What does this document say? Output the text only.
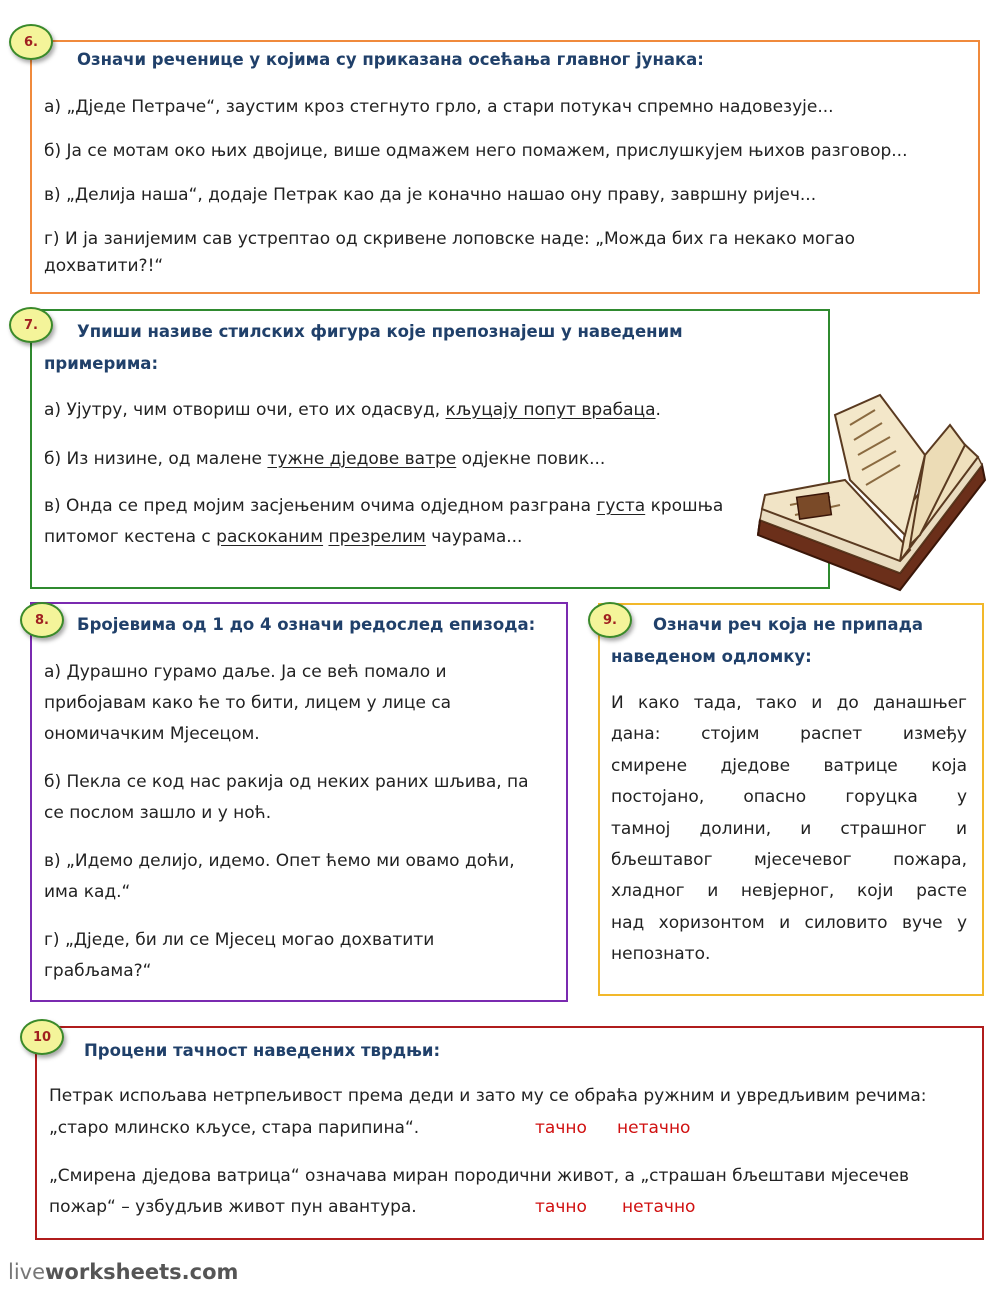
6.
Означи реченице у којима су приказана осећања главног јунака:
а) „Дједе Петраче“, заустим кроз стегнуто грло, а стари потукач спремно надовезује...
б) Ја се мотам око њих двојице, више одмажем него помажем, прислушкујем њихов разговор...
в) „Делија наша“, додаје Петрак као да је коначно нашао ону праву, завршну ријеч...
г) И ја занијемим сав устрептао од скривене лоповске наде: „Можда бих га некако могао
дохватити?!“
7.	Упиши називе стилских фигура које препознајеш у наведеним
примерима:
а) Ујутру, чим отвориш очи, ето их одасвуд, кљуцају попут врабаца.
б) Из низине, од малене тужне дједове ватре одјекне повик...
в) Онда се пред мојим засјењеним очима одједном разграна густа крошња
питомог кестена с раскоканим презрелим чаурама...
8.	Бројевима од 1 до 4 означи редослед епизода:
а) Дурашно гурамо даље. Ја се већ помало и
прибојавам како ће то бити, лицем у лице са
ономичачким Мјесецом.
б) Пекла се код нас ракија од неких раних шљива, па
се послом зашло и у ноћ.
в) „Идемо делијо, идемо. Опет ћемо ми овамо доћи,
има кад.“
г) „Дједе, би ли се Мјесец могао дохватити
грабљама?“
9.	Означи реч која не припада
наведеном одломку:
И како тада, тако и до данашњег
дана: стојим распет између
смирене дједове ватрице која
постојано, опасно горуцка у
тамној долини, и страшног и
бљештавог мјесечевог пожара,
хладног и невјерног, који расте
над хоризонтом и силовито вуче у
непознато.
10
Процени тачност наведених тврдњи:
Петрак испољава нетрпељивост према деди и зато му се обраћа ружним и увредљивим речима:
„старо млинско кљусе, стара парипина“.	тачно нетачно
„Смирена дједова ватрица“ означава миран породични живот, а „страшан бљештави мјесечев
пожар“ – узбудљив живот пун авантура.	тачно нетачно
liveworksheets.com
